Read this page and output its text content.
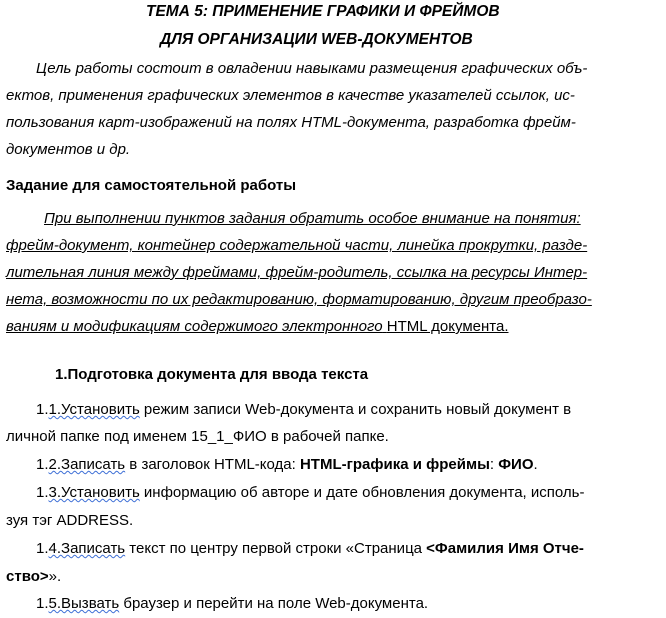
ТЕМА 5: ПРИМЕНЕНИЕ ГРАФИКИ И ФРЕЙМОВ
ДЛЯ ОРГАНИЗАЦИИ WEB-ДОКУМЕНТОВ
Цель работы состоит в овладении навыками размещения графических объ-
ектов, применения графических элементов в качестве указателей ссылок, ис-
пользования карт-изображений на полях HTML-документа, разработка фрейм-
документов и др.
Задание для самостоятельной работы
При выполнении пунктов задания обратить особое внимание на понятия:
фрейм-документ, контейнер содержательной части, линейка прокрутки, разде-
лительная линия между фреймами, фрейм-родитель, ссылка на ресурсы Интер-
нета, возможности по их редактированию, форматированию, другим преобразо-
ваниям и модификациям содержимого электронного HTML документа.
1.Подготовка документа для ввода текста
1.1.Установить режим записи Web-документа и сохранить новый документ в
личной папке под именем 15_1_ФИО в рабочей папке.
1.2.Записать в заголовок HTML-кода: HTML-графика и фреймы: ФИО.
1.3.Установить информацию об авторе и дате обновления документа, исполь-
зуя тэг ADDRESS.
1.4.Записать текст по центру первой строки «Страница <Фамилия Имя Отче-
ство>».
1.5.Вызвать браузер и перейти на поле Web-документа.
